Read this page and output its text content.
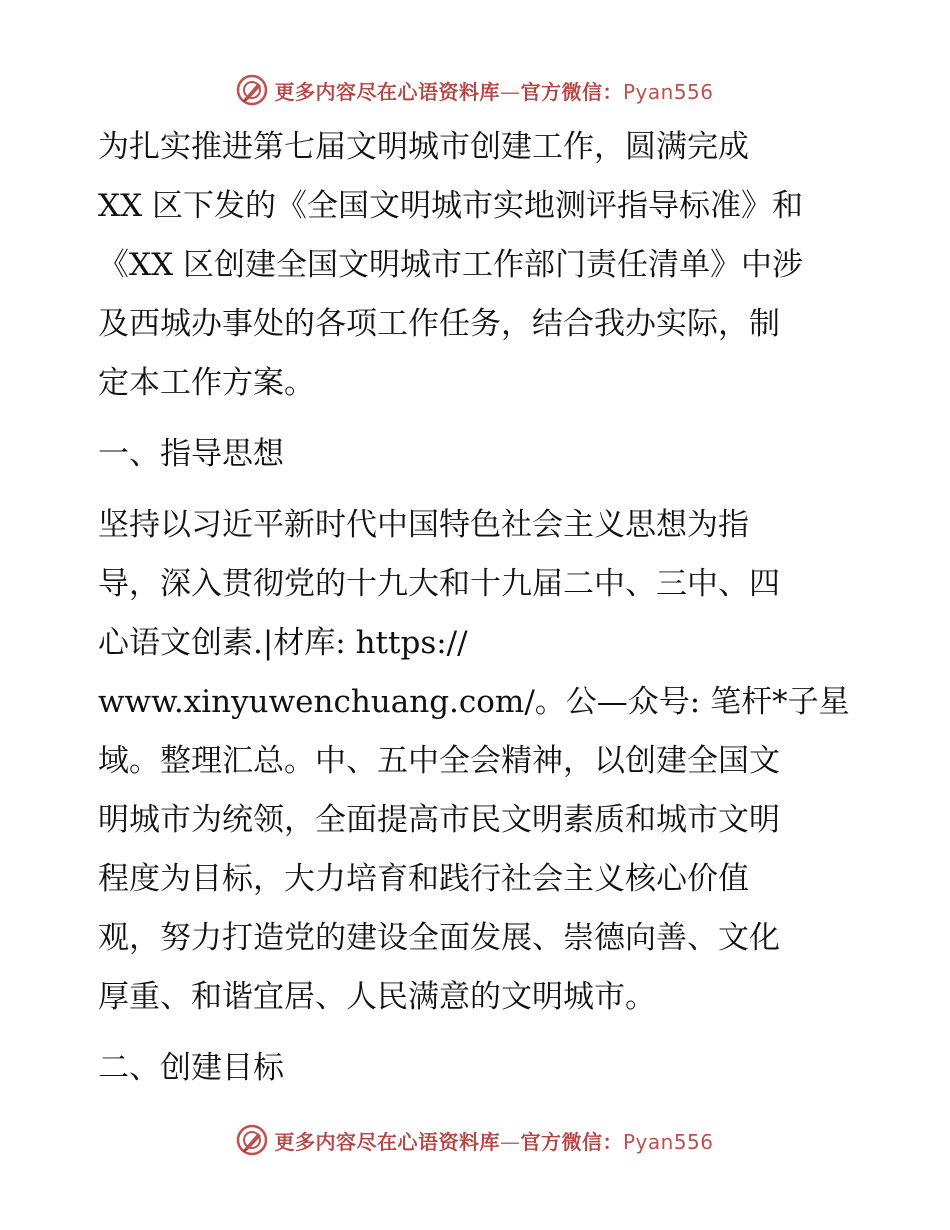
更多内容尽在心语资料库—官方微信：Pyan556
为扎实推进第七届文明城市创建工作，圆满完成
XX 区下发的《全国文明城市实地测评指导标准》和
《XX 区创建全国文明城市工作部门责任清单》中涉
及西城办事处的各项工作任务，结合我办实际，制
定本工作方案。
一、指导思想
坚持以习近平新时代中国特色社会主义思想为指
导，深入贯彻党的十九大和十九届二中、三中、四
心语文创素.|材库: https://
www.xinyuwenchuang.com/。公—众号: 笔杆*子星
域。整理汇总。中、五中全会精神，以创建全国文
明城市为统领，全面提高市民文明素质和城市文明
程度为目标，大力培育和践行社会主义核心价值
观，努力打造党的建设全面发展、崇德向善、文化
厚重、和谐宜居、人民满意的文明城市。
二、创建目标
更多内容尽在心语资料库—官方微信：Pyan556
